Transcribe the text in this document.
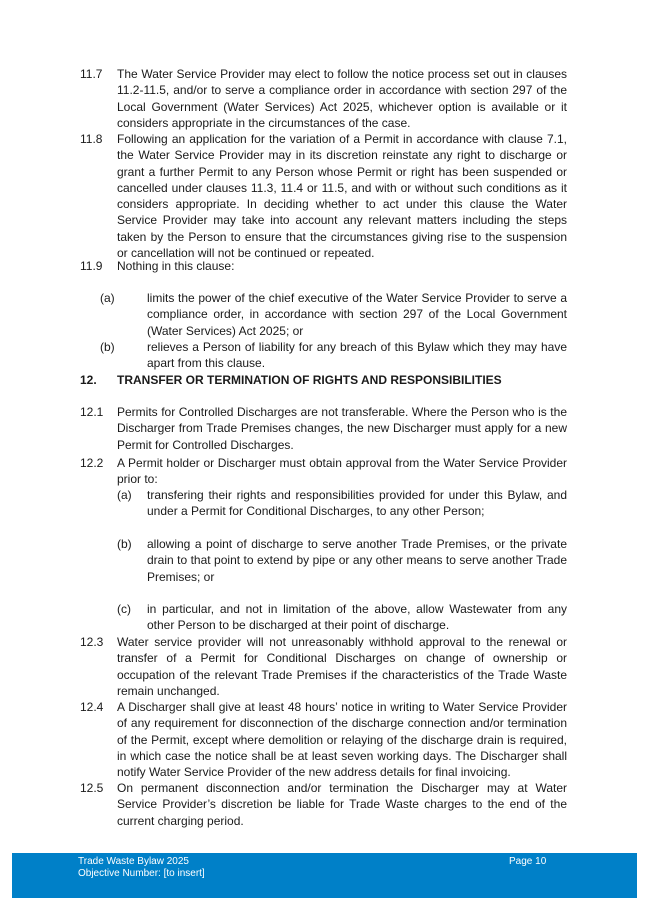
11.7 The Water Service Provider may elect to follow the notice process set out in clauses 11.2-11.5, and/or to serve a compliance order in accordance with section 297 of the Local Government (Water Services) Act 2025, whichever option is available or it considers appropriate in the circumstances of the case.
11.8 Following an application for the variation of a Permit in accordance with clause 7.1, the Water Service Provider may in its discretion reinstate any right to discharge or grant a further Permit to any Person whose Permit or right has been suspended or cancelled under clauses 11.3, 11.4 or 11.5, and with or without such conditions as it considers appropriate. In deciding whether to act under this clause the Water Service Provider may take into account any relevant matters including the steps taken by the Person to ensure that the circumstances giving rise to the suspension or cancellation will not be continued or repeated.
11.9 Nothing in this clause:
(a)	limits the power of the chief executive of the Water Service Provider to serve a compliance order, in accordance with section 297 of the Local Government (Water Services) Act 2025; or
(b)	relieves a Person of liability for any breach of this Bylaw which they may have apart from this clause.
12. TRANSFER OR TERMINATION OF RIGHTS AND RESPONSIBILITIES
12.1 Permits for Controlled Discharges are not transferable. Where the Person who is the Discharger from Trade Premises changes, the new Discharger must apply for a new Permit for Controlled Discharges.
12.2 A Permit holder or Discharger must obtain approval from the Water Service Provider prior to:
(a) transfering their rights and responsibilities provided for under this Bylaw, and under a Permit for Conditional Discharges, to any other Person;
(b) allowing a point of discharge to serve another Trade Premises, or the private drain to that point to extend by pipe or any other means to serve another Trade Premises; or
(c) in particular, and not in limitation of the above, allow Wastewater from any other Person to be discharged at their point of discharge.
12.3 Water service provider will not unreasonably withhold approval to the renewal or transfer of a Permit for Conditional Discharges on change of ownership or occupation of the relevant Trade Premises if the characteristics of the Trade Waste remain unchanged.
12.4 A Discharger shall give at least 48 hours’ notice in writing to Water Service Provider of any requirement for disconnection of the discharge connection and/or termination of the Permit, except where demolition or relaying of the discharge drain is required, in which case the notice shall be at least seven working days. The Discharger shall notify Water Service Provider of the new address details for final invoicing.
12.5 On permanent disconnection and/or termination the Discharger may at Water Service Provider’s discretion be liable for Trade Waste charges to the end of the current charging period.
Trade Waste Bylaw 2025
Objective Number: [to insert]
Page 10
